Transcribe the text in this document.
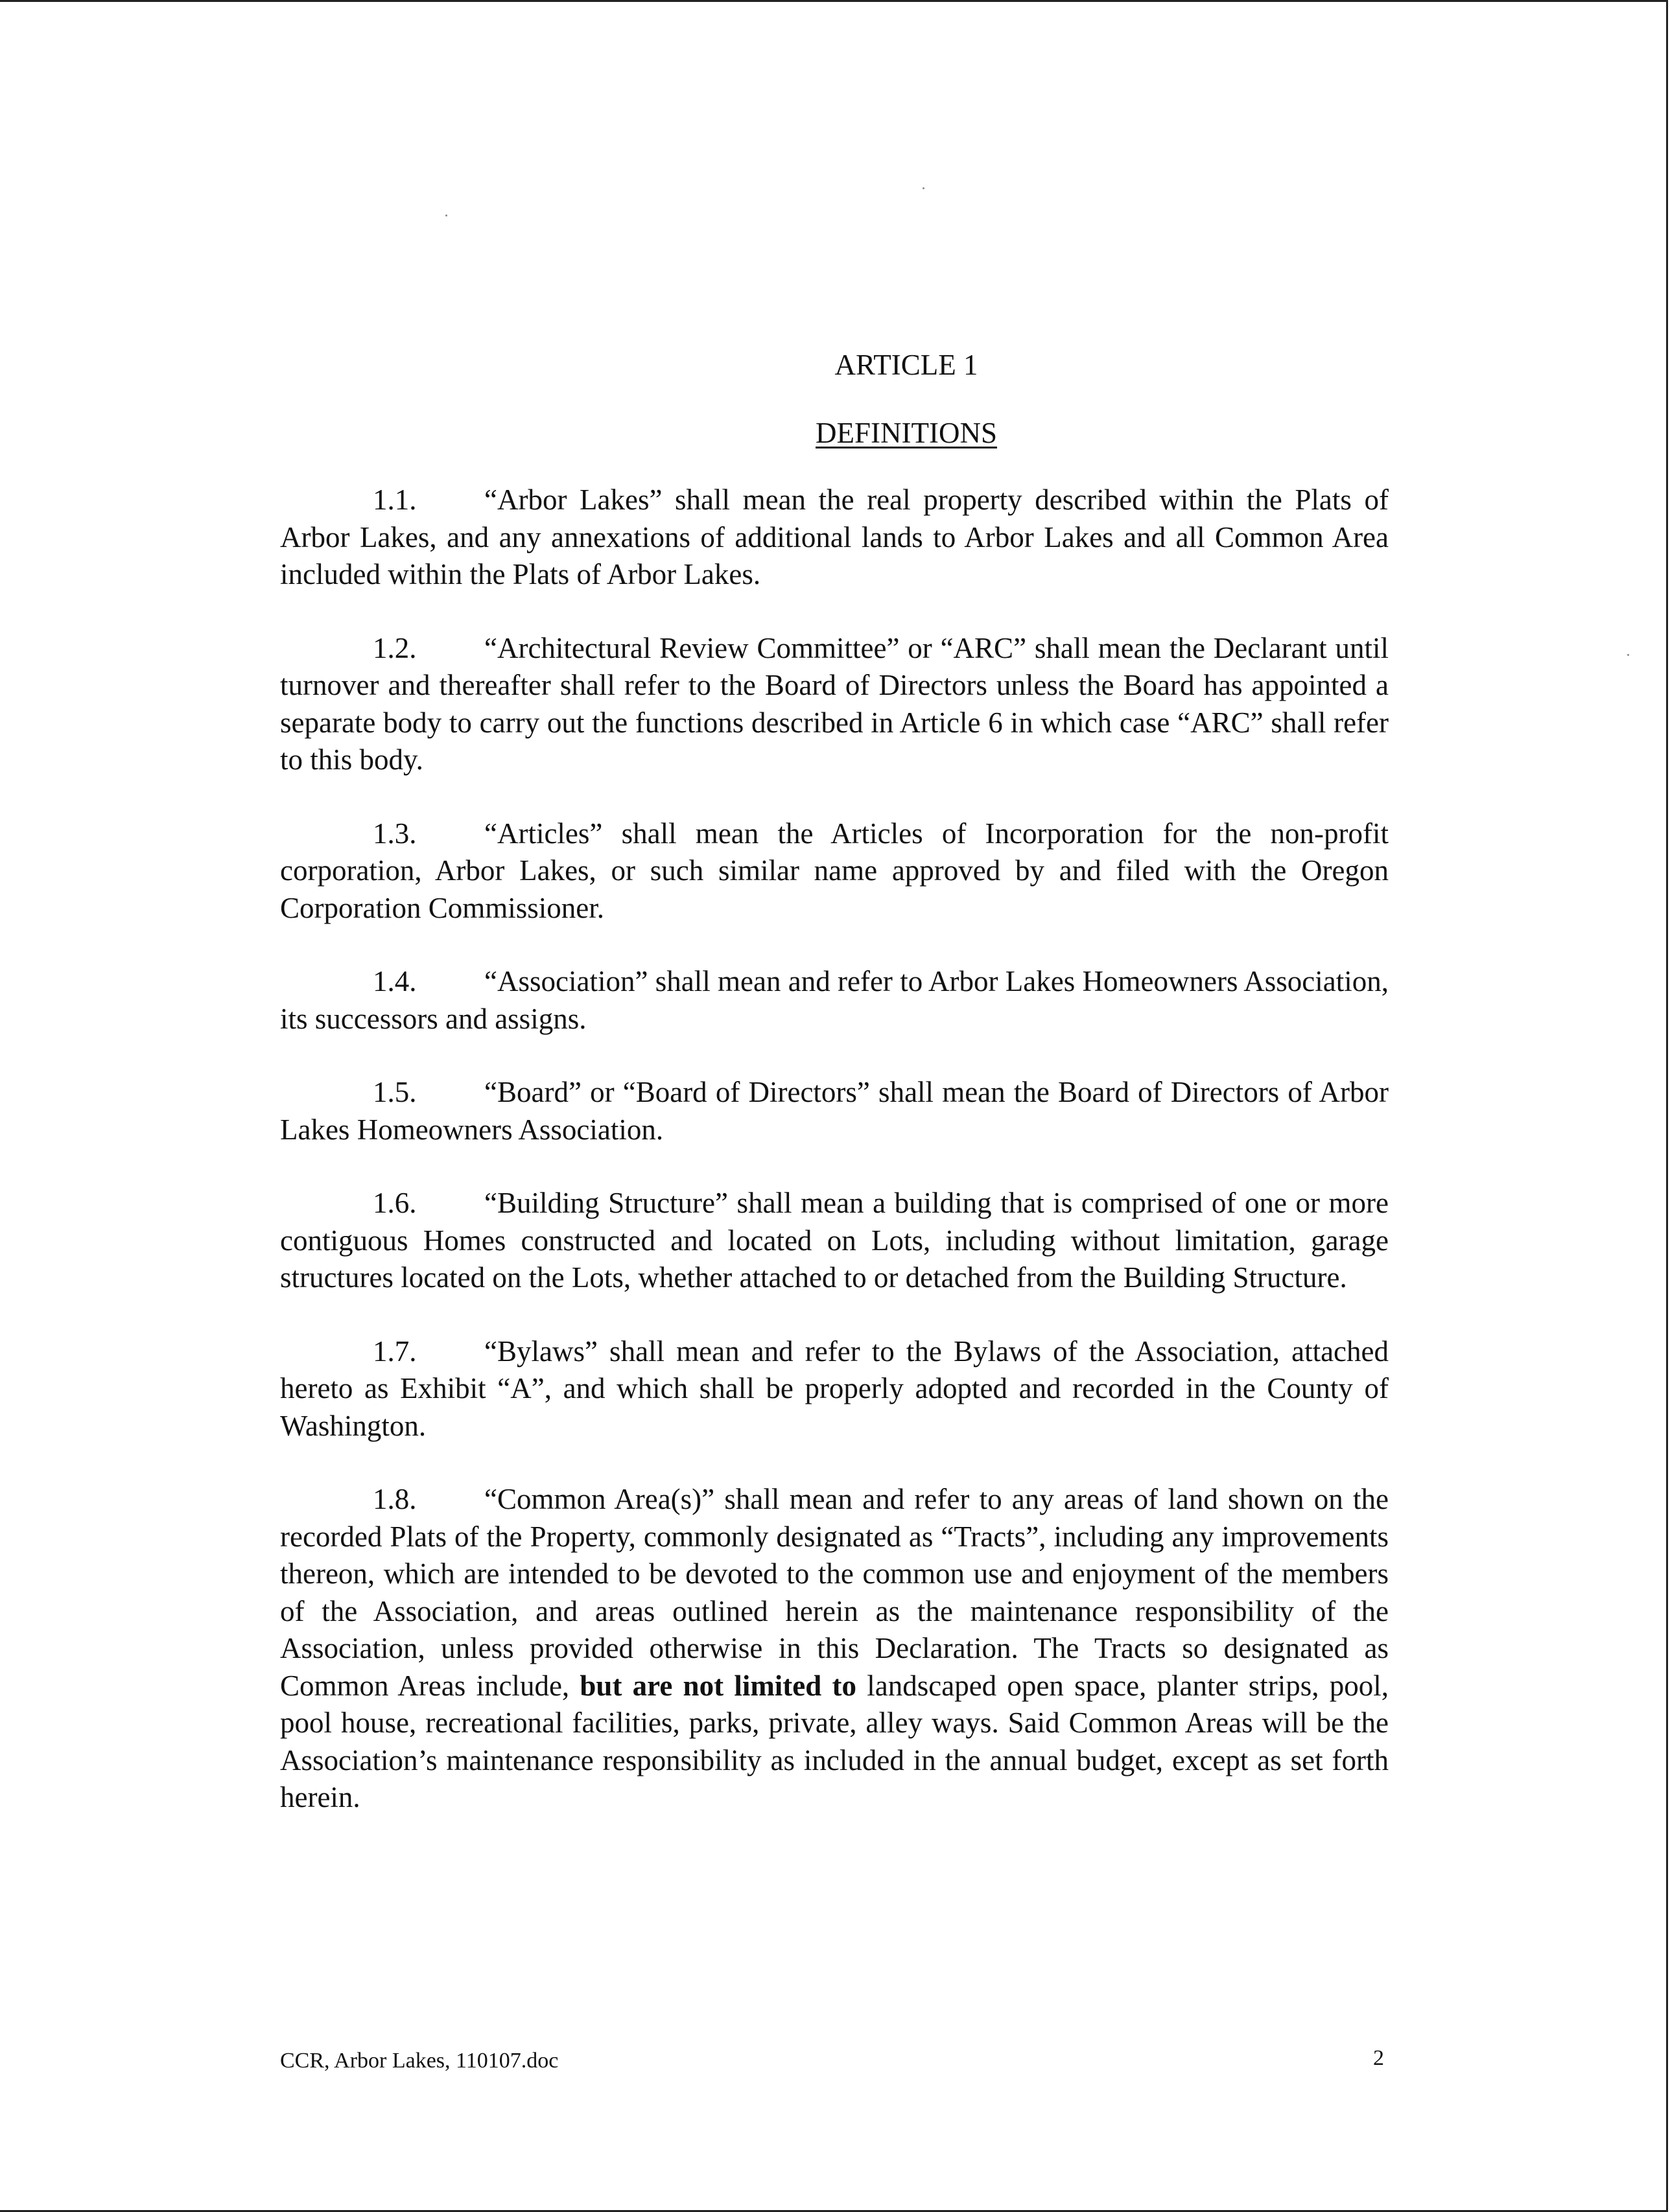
ARTICLE 1
DEFINITIONS

1.1. “Arbor Lakes” shall mean the real property described within the Plats of Arbor Lakes, and any annexations of additional lands to Arbor Lakes and all Common Area included within the Plats of Arbor Lakes.

1.2. “Architectural Review Committee” or “ARC” shall mean the Declarant until turnover and thereafter shall refer to the Board of Directors unless the Board has appointed a separate body to carry out the functions described in Article 6 in which case “ARC” shall refer to this body.

1.3. “Articles” shall mean the Articles of Incorporation for the non-profit corporation, Arbor Lakes, or such similar name approved by and filed with the Oregon Corporation Commissioner.

1.4. “Association” shall mean and refer to Arbor Lakes Homeowners Association, its successors and assigns.

1.5. “Board” or “Board of Directors” shall mean the Board of Directors of Arbor Lakes Homeowners Association.

1.6. “Building Structure” shall mean a building that is comprised of one or more contiguous Homes constructed and located on Lots, including without limitation, garage structures located on the Lots, whether attached to or detached from the Building Structure.

1.7. “Bylaws” shall mean and refer to the Bylaws of the Association, attached hereto as Exhibit “A”, and which shall be properly adopted and recorded in the County of Washington.

1.8. “Common Area(s)” shall mean and refer to any areas of land shown on the recorded Plats of the Property, commonly designated as “Tracts”, including any improvements thereon, which are intended to be devoted to the common use and enjoyment of the members of the Association, and areas outlined herein as the maintenance responsibility of the Association, unless provided otherwise in this Declaration. The Tracts so designated as Common Areas include, but are not limited to landscaped open space, planter strips, pool, pool house, recreational facilities, parks, private, alley ways. Said Common Areas will be the Association’s maintenance responsibility as included in the annual budget, except as set forth herein.

CCR, Arbor Lakes, 110107.doc	2
